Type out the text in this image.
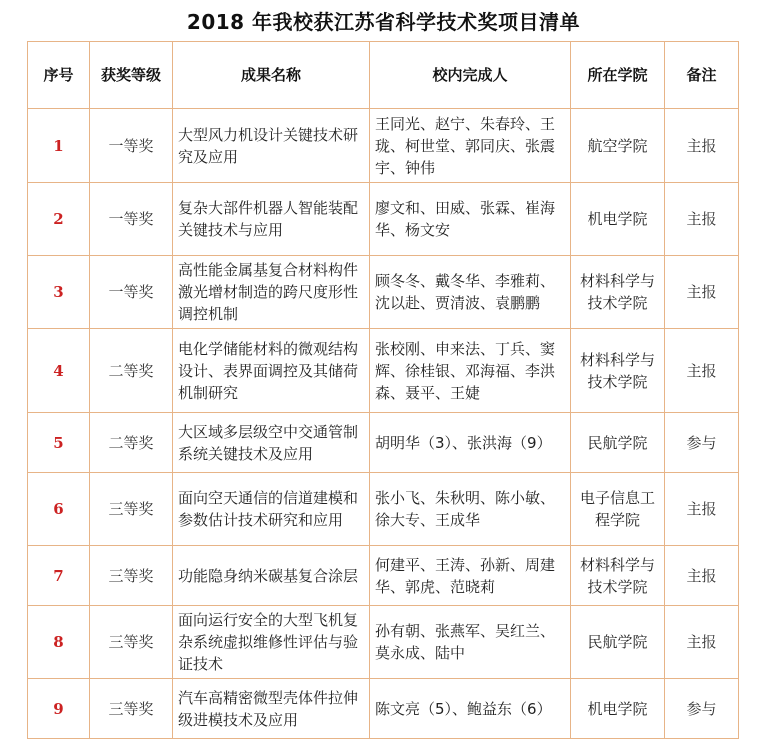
2018 年我校获江苏省科学技术奖项目清单
序号	获奖等级	成果名称	校内完成人	所在学院	备注
1	一等奖	大型风力机设计关键技术研究及应用	王同光、赵宁、朱春玲、王珑、柯世堂、郭同庆、张震宇、钟伟	航空学院	主报
2	一等奖	复杂大部件机器人智能装配关键技术与应用	廖文和、田威、张霖、崔海华、杨文安	机电学院	主报
3	一等奖	高性能金属基复合材料构件激光增材制造的跨尺度形性调控机制	顾冬冬、戴冬华、李雅莉、沈以赴、贾清波、袁鹏鹏	材料科学与技术学院	主报
4	二等奖	电化学储能材料的微观结构设计、表界面调控及其储荷机制研究	张校刚、申来法、丁兵、窦辉、徐桂银、邓海福、李洪森、聂平、王婕	材料科学与技术学院	主报
5	二等奖	大区域多层级空中交通管制系统关键技术及应用	胡明华（3）、张洪海（9）	民航学院	参与
6	三等奖	面向空天通信的信道建模和参数估计技术研究和应用	张小飞、朱秋明、陈小敏、徐大专、王成华	电子信息工程学院	主报
7	三等奖	功能隐身纳米碳基复合涂层	何建平、王涛、孙新、周建华、郭虎、范晓莉	材料科学与技术学院	主报
8	三等奖	面向运行安全的大型飞机复杂系统虚拟维修性评估与验证技术	孙有朝、张燕军、吴红兰、莫永成、陆中	民航学院	主报
9	三等奖	汽车高精密微型壳体件拉伸级进模技术及应用	陈文亮（5）、鲍益东（6）	机电学院	参与
